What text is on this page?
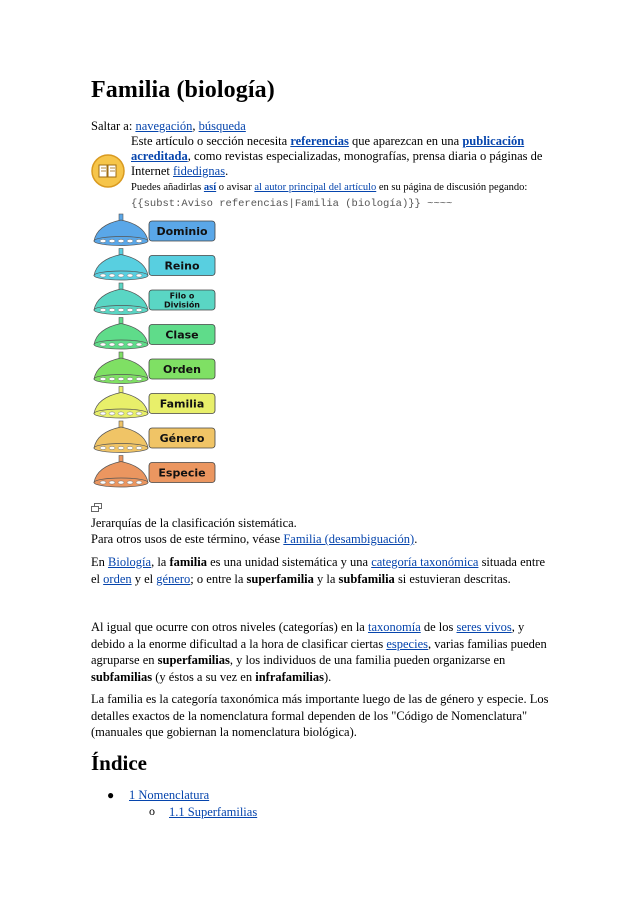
Familia (biología)
Saltar a: navegación, búsqueda
Este artículo o sección necesita referencias que aparezcan en una publicación acreditada, como revistas especializadas, monografías, prensa diaria o páginas de Internet fidedignas.
Puedes añadirlas así o avisar al autor principal del artículo en su página de discusión pegando: {{subst:Aviso referencias|Familia (biología)}} ~~~~
Dominio
Reino
Filo o
División
Clase
Orden
Familia
Género
Especie
Jerarquías de la clasificación sistemática.
Para otros usos de este término, véase Familia (desambiguación).

En Biología, la familia es una unidad sistemática y una categoría taxonómica situada entre el orden y el género; o entre la superfamilia y la subfamilia si estuvieran descritas.

Al igual que ocurre con otros niveles (categorías) en la taxonomía de los seres vivos, y debido a la enorme dificultad a la hora de clasificar ciertas especies, varias familias pueden agruparse en superfamilias, y los individuos de una familia pueden organizarse en subfamilias (y éstos a su vez en infrafamilias).

La familia es la categoría taxonómica más importante luego de las de género y especie. Los detalles exactos de la nomenclatura formal dependen de los "Código de Nomenclatura" (manuales que gobiernan la nomenclatura biológica).

Índice
● 1 Nomenclatura
o 1.1 Superfamilias
